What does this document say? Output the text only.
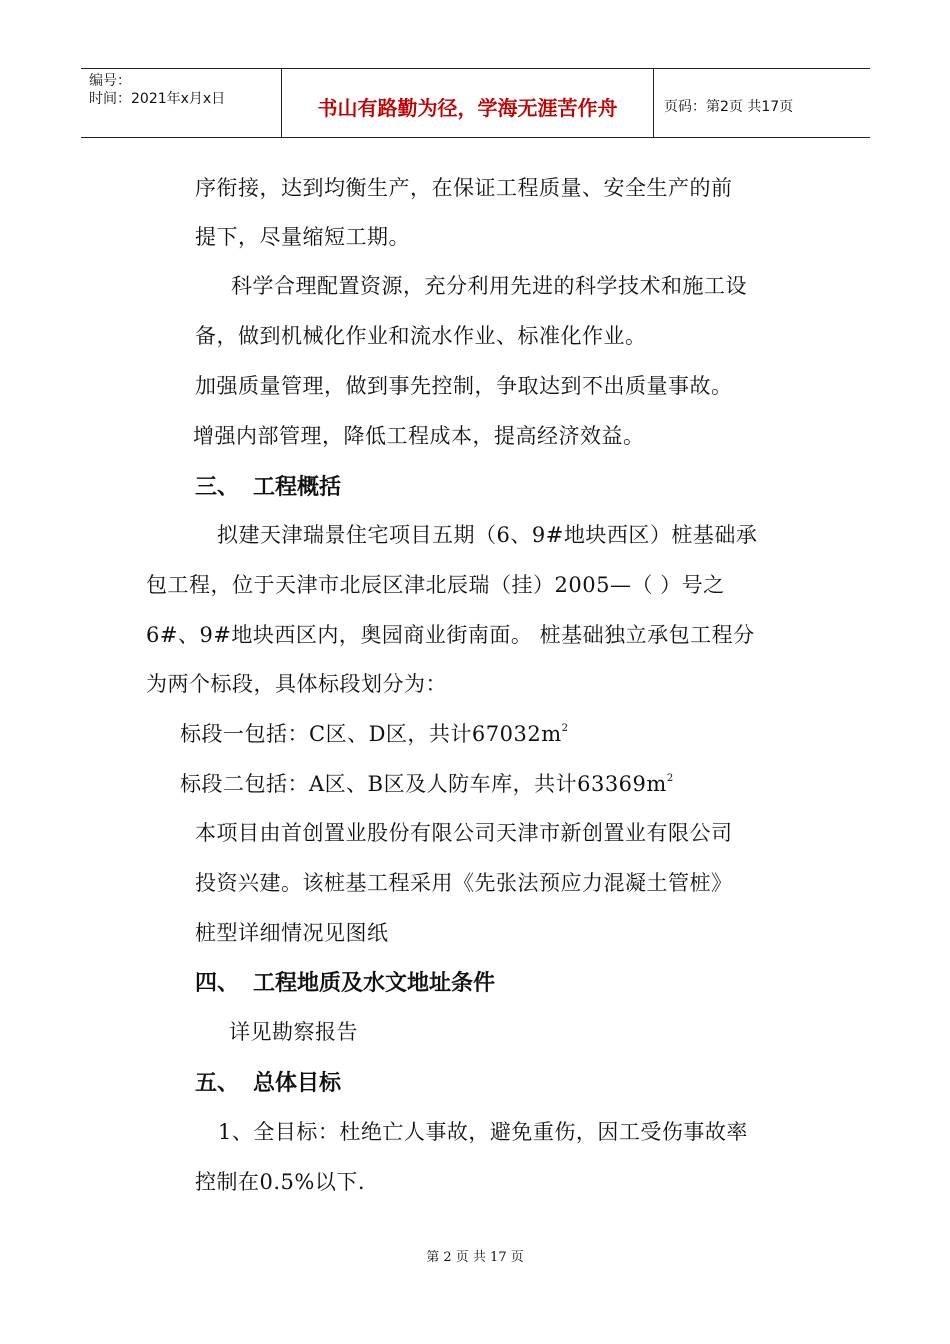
编号：
时间：2021年x月x日	书山有路勤为径，学海无涯苦作舟	页码：第2页 共17页
序衔接，达到均衡生产，在保证工程质量、安全生产的前
提下，尽量缩短工期。
科学合理配置资源，充分利用先进的科学技术和施工设
备，做到机械化作业和流水作业、标准化作业。
加强质量管理，做到事先控制，争取达到不出质量事故。
增强内部管理，降低工程成本，提高经济效益。
三、 工程概括
拟建天津瑞景住宅项目五期（6、9#地块西区）桩基础承
包工程，位于天津市北辰区津北辰瑞（挂）2005—（ ）号之
6#、9#地块西区内，奥园商业街南面。 桩基础独立承包工程分
为两个标段，具体标段划分为：
标段一包括：C区、D区，共计$67032m^2$
标段二包括：A区、B区及人防车库，共计$63369m^2$
本项目由首创置业股份有限公司天津市新创置业有限公司
投资兴建。该桩基工程采用《先张法预应力混凝土管桩》
桩型详细情况见图纸
四、 工程地质及水文地址条件
详见勘察报告
五、 总体目标
1、全目标：杜绝亡人事故，避免重伤，因工受伤事故率
控制在0.5%以下.
第 2 页 共 17 页
